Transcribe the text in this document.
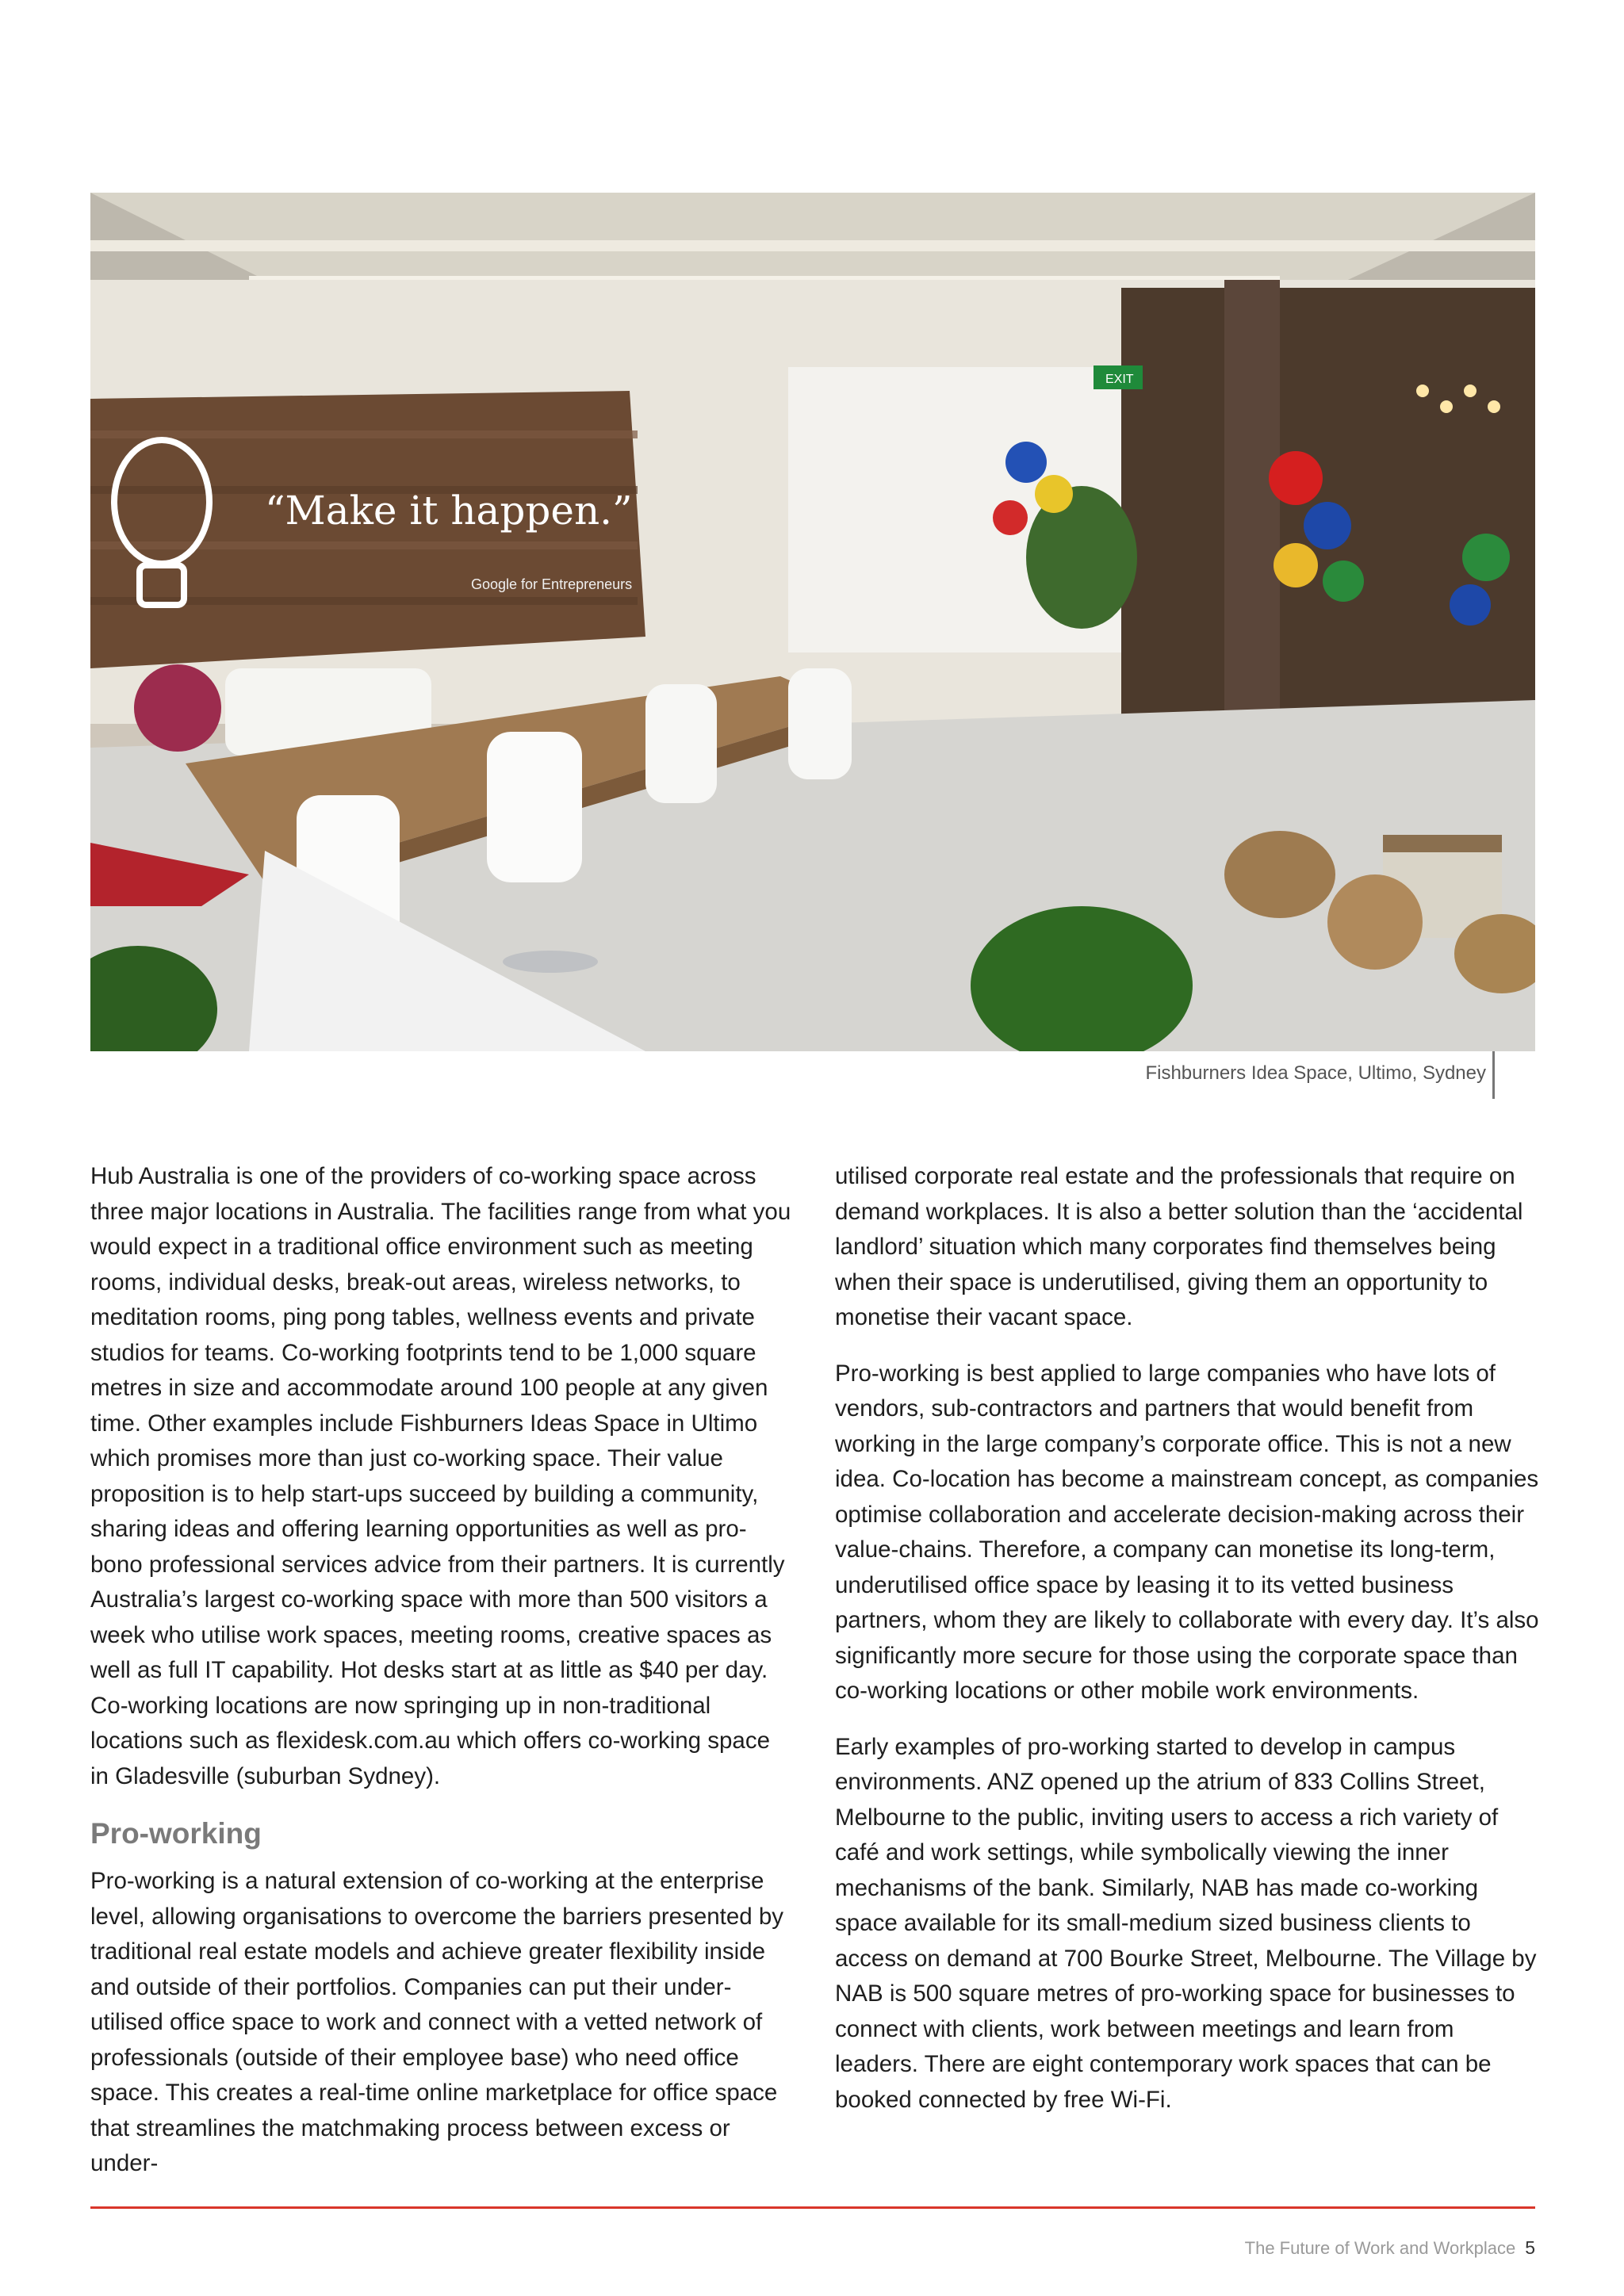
“Make it happen.”
Google for Entrepreneurs
EXIT
Fishburners Idea Space, Ultimo, Sydney

Hub Australia is one of the providers of co-working space across three major locations in Australia. The facilities range from what you would expect in a traditional office environment such as meeting rooms, individual desks, break-out areas, wireless networks, to meditation rooms, ping pong tables, wellness events and private studios for teams. Co-working footprints tend to be 1,000 square metres in size and accommodate around 100 people at any given time. Other examples include Fishburners Ideas Space in Ultimo which promises more than just co-working space. Their value proposition is to help start-ups succeed by building a community, sharing ideas and offering learning opportunities as well as pro-bono professional services advice from their partners. It is currently Australia’s largest co-working space with more than 500 visitors a week who utilise work spaces, meeting rooms, creative spaces as well as full IT capability. Hot desks start at as little as $40 per day. Co-working locations are now springing up in non-traditional locations such as flexidesk.com.au which offers co-working space in Gladesville (suburban Sydney).

Pro-working

Pro-working is a natural extension of co-working at the enterprise level, allowing organisations to overcome the barriers presented by traditional real estate models and achieve greater flexibility inside and outside of their portfolios. Companies can put their under-utilised office space to work and connect with a vetted network of professionals (outside of their employee base) who need office space. This creates a real-time online marketplace for office space that streamlines the matchmaking process between excess or under-

utilised corporate real estate and the professionals that require on demand workplaces. It is also a better solution than the ‘accidental landlord’ situation which many corporates find themselves being when their space is underutilised, giving them an opportunity to monetise their vacant space.

Pro-working is best applied to large companies who have lots of vendors, sub-contractors and partners that would benefit from working in the large company’s corporate office. This is not a new idea. Co-location has become a mainstream concept, as companies optimise collaboration and accelerate decision-making across their value-chains. Therefore, a company can monetise its long-term, underutilised office space by leasing it to its vetted business partners, whom they are likely to collaborate with every day. It’s also significantly more secure for those using the corporate space than co-working locations or other mobile work environments.

Early examples of pro-working started to develop in campus environments. ANZ opened up the atrium of 833 Collins Street, Melbourne to the public, inviting users to access a rich variety of café and work settings, while symbolically viewing the inner mechanisms of the bank. Similarly, NAB has made co-working space available for its small-medium sized business clients to access on demand at 700 Bourke Street, Melbourne. The Village by NAB is 500 square metres of pro-working space for businesses to connect with clients, work between meetings and learn from leaders. There are eight contemporary work spaces that can be booked connected by free Wi-Fi.

The Future of Work and Workplace 5
